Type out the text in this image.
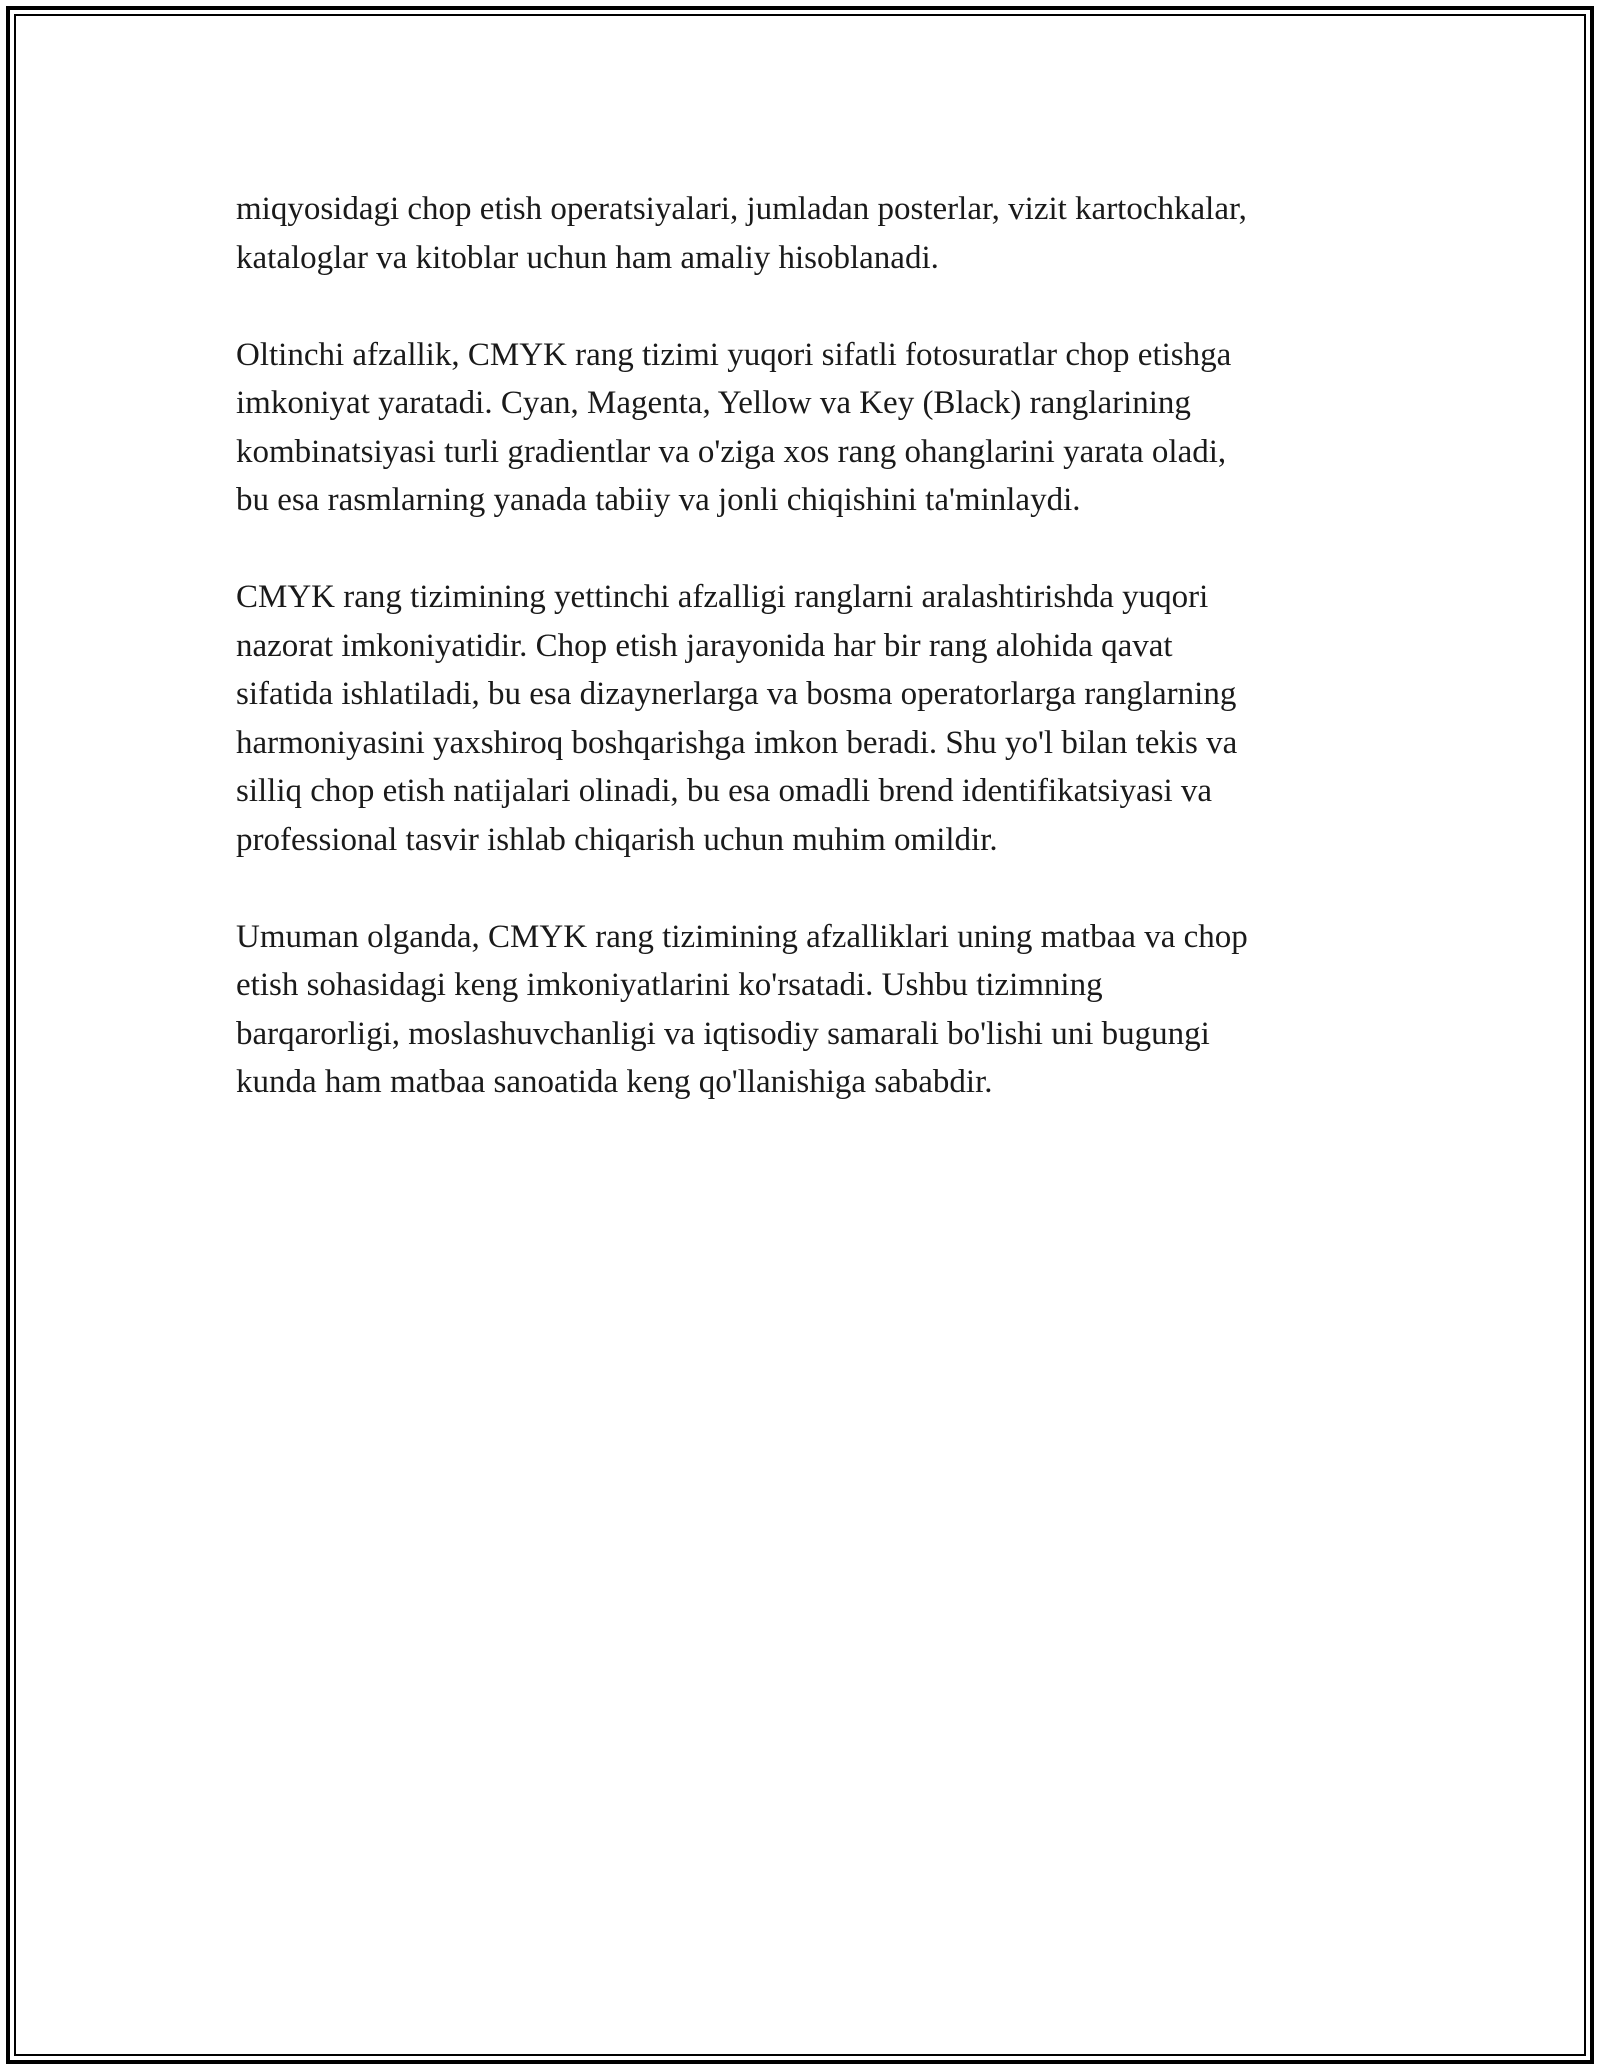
miqyosidagi chop etish operatsiyalari, jumladan posterlar, vizit kartochkalar,
kataloglar va kitoblar uchun ham amaliy hisoblanadi.

Oltinchi afzallik, CMYK rang tizimi yuqori sifatli fotosuratlar chop etishga
imkoniyat yaratadi. Cyan, Magenta, Yellow va Key (Black) ranglarining
kombinatsiyasi turli gradientlar va o'ziga xos rang ohanglarini yarata oladi,
bu esa rasmlarning yanada tabiiy va jonli chiqishini ta'minlaydi.

CMYK rang tizimining yettinchi afzalligi ranglarni aralashtirishda yuqori
nazorat imkoniyatidir. Chop etish jarayonida har bir rang alohida qavat
sifatida ishlatiladi, bu esa dizaynerlarga va bosma operatorlarga ranglarning
harmoniyasini yaxshiroq boshqarishga imkon beradi. Shu yo'l bilan tekis va
silliq chop etish natijalari olinadi, bu esa omadli brend identifikatsiyasi va
professional tasvir ishlab chiqarish uchun muhim omildir.

Umuman olganda, CMYK rang tizimining afzalliklari uning matbaa va chop
etish sohasidagi keng imkoniyatlarini ko'rsatadi. Ushbu tizimning
barqarorligi, moslashuvchanligi va iqtisodiy samarali bo'lishi uni bugungi
kunda ham matbaa sanoatida keng qo'llanishiga sababdir.
